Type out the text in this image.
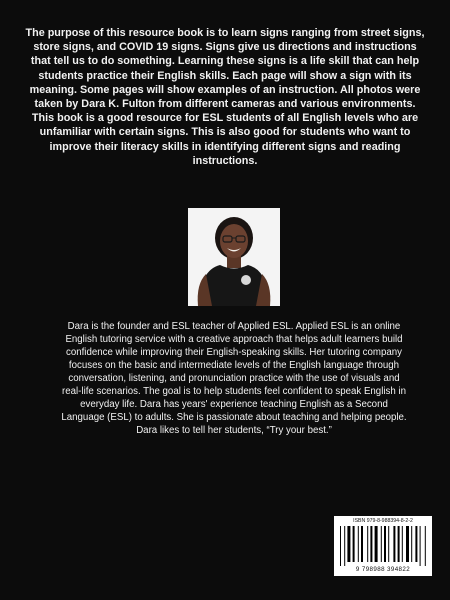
The purpose of this resource book is to learn signs ranging from street signs, store signs, and COVID 19 signs. Signs give us directions and instructions that tell us to do something. Learning these signs is a life skill that can help students practice their English skills. Each page will show a sign with its meaning. Some pages will show examples of an instruction. All photos were taken by Dara K. Fulton from different cameras and various environments. This book is a good resource for ESL students of all English levels who are unfamiliar with certain signs. This is also good for students who want to improve their literacy skills in identifying different signs and reading instructions.

Dara is the founder and ESL teacher of Applied ESL. Applied ESL is an online English tutoring service with a creative approach that helps adult learners build confidence while improving their English-speaking skills. Her tutoring company focuses on the basic and intermediate levels of the English language through conversation, listening, and pronunciation practice with the use of visuals and real-life scenarios. The goal is to help students feel confident to speak English in everyday life. Dara has years' experience teaching English as a Second Language (ESL) to adults. She is passionate about teaching and helping people.

Dara likes to tell her students, “Try your best.”

ISBN 979-8-988394-8-2-2
9 798988 394822
